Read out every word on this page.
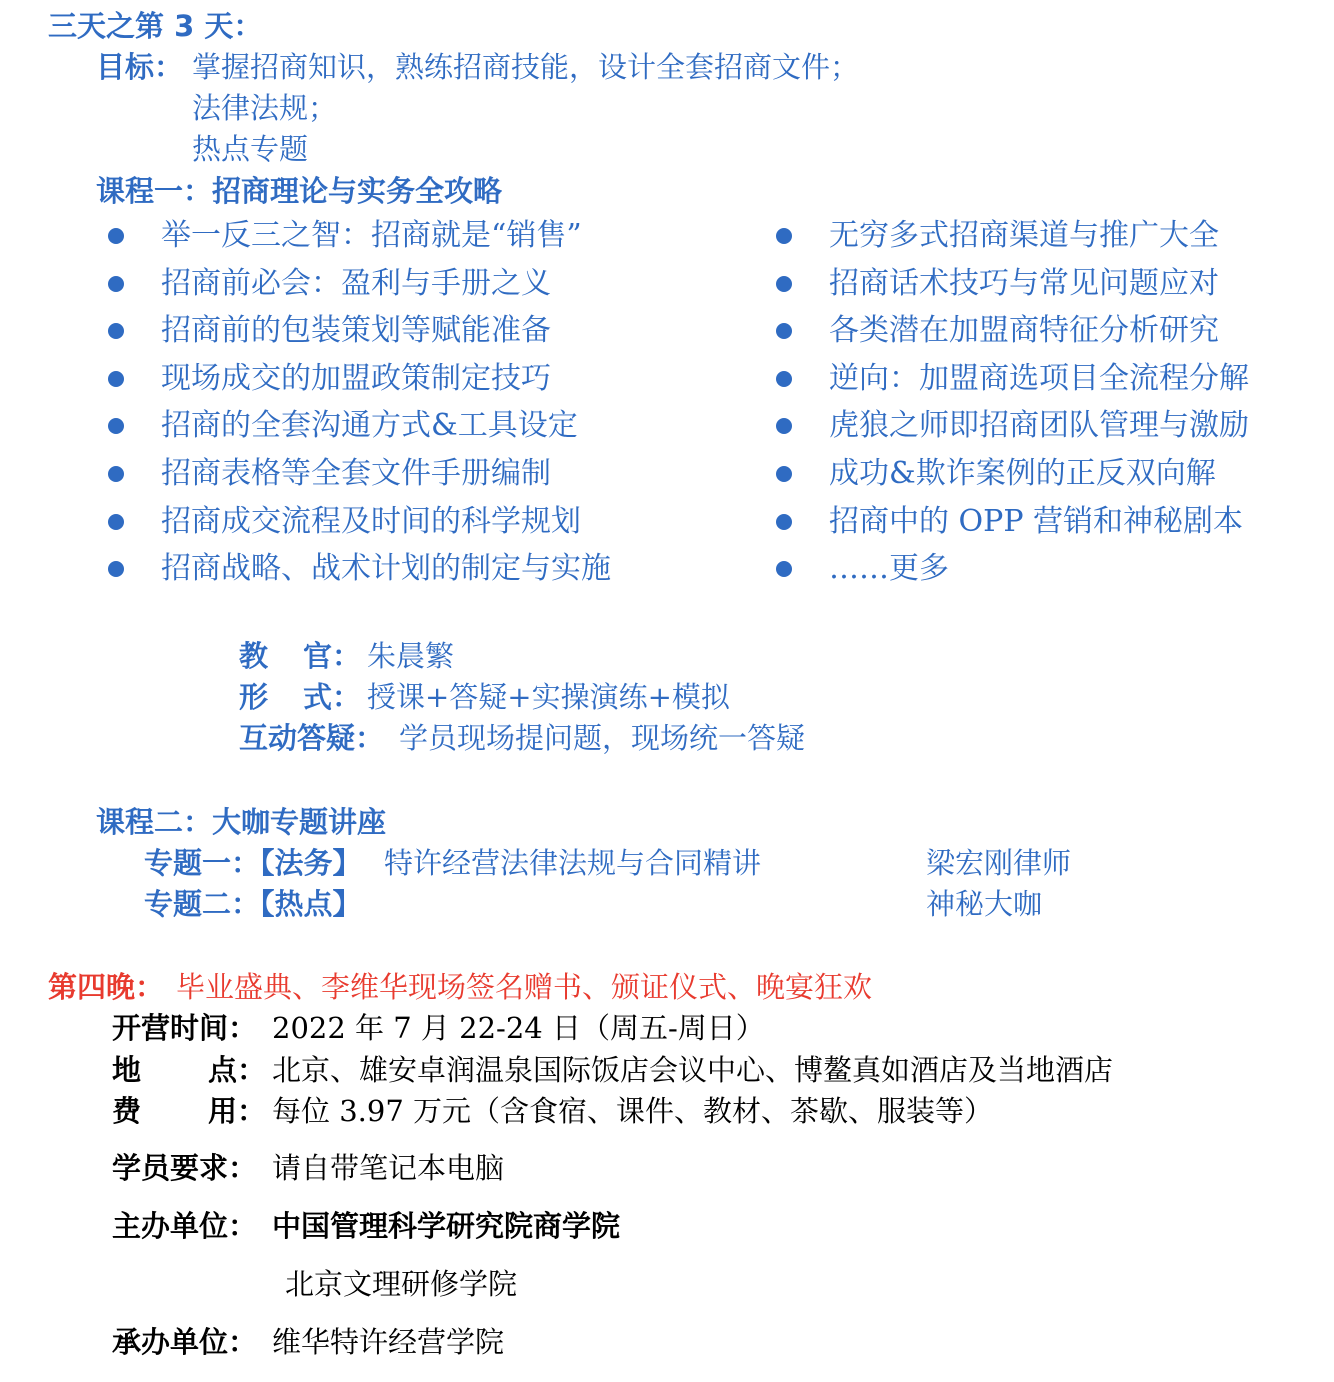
三天之第 3 天：
目标： 掌握招商知识，熟练招商技能，设计全套招商文件；
法律法规；
热点专题
课程一：招商理论与实务全攻略
举一反三之智：招商就是“销售”
招商前必会：盈利与手册之义
招商前的包装策划等赋能准备
现场成交的加盟政策制定技巧
招商的全套沟通方式&工具设定
招商表格等全套文件手册编制
招商成交流程及时间的科学规划
招商战略、战术计划的制定与实施
无穷多式招商渠道与推广大全
招商话术技巧与常见问题应对
各类潜在加盟商特征分析研究
逆向：加盟商选项目全流程分解
虎狼之师即招商团队管理与激励
成功&欺诈案例的正反双向解
招商中的 OPP 营销和神秘剧本
……更多
教 官： 朱晨繁
形 式： 授课+答疑+实操演练+模拟
互动答疑： 学员现场提问题，现场统一答疑
课程二：大咖专题讲座
专题一：【法务】 特许经营法律法规与合同精讲	梁宏刚律师
专题二：【热点】	神秘大咖
第四晚： 毕业盛典、李维华现场签名赠书、颁证仪式、晚宴狂欢
开营时间： 2022 年 7 月 22-24 日（周五-周日）
地 点： 北京、雄安卓润温泉国际饭店会议中心、博鳌真如酒店及当地酒店
费 用： 每位 3.97 万元（含食宿、课件、教材、茶歇、服装等）
学员要求： 请自带笔记本电脑
主办单位： 中国管理科学研究院商学院
北京文理研修学院
承办单位： 维华特许经营学院
